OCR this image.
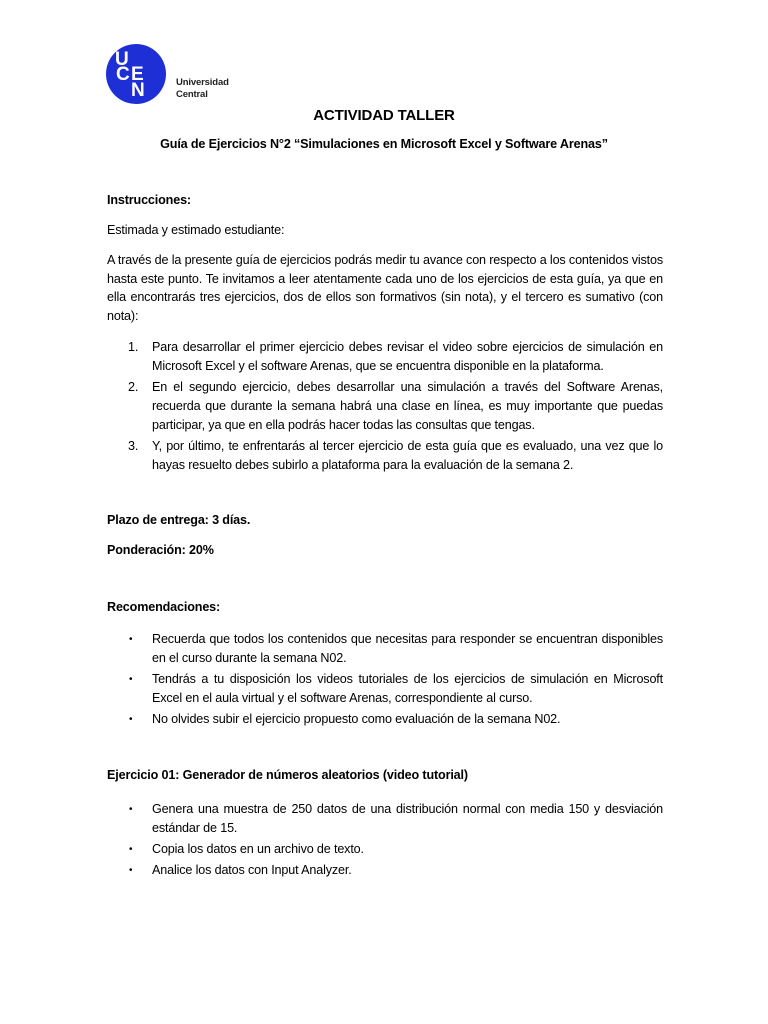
U
C E
N	Universidad
Central
ACTIVIDAD TALLER
Guía de Ejercicios N°2 “Simulaciones en Microsoft Excel y Software Arenas”
Instrucciones:
Estimada y estimado estudiante:
A través de la presente guía de ejercicios podrás medir tu avance con respecto a los contenidos vistos hasta este punto. Te invitamos a leer atentamente cada uno de los ejercicios de esta guía, ya que en ella encontrarás tres ejercicios, dos de ellos son formativos (sin nota), y el tercero es sumativo (con nota):
1. Para desarrollar el primer ejercicio debes revisar el video sobre ejercicios de simulación en Microsoft Excel y el software Arenas, que se encuentra disponible en la plataforma.
2. En el segundo ejercicio, debes desarrollar una simulación a través del Software Arenas, recuerda que durante la semana habrá una clase en línea, es muy importante que puedas participar, ya que en ella podrás hacer todas las consultas que tengas.
3. Y, por último, te enfrentarás al tercer ejercicio de esta guía que es evaluado, una vez que lo hayas resuelto debes subirlo a plataforma para la evaluación de la semana 2.
Plazo de entrega: 3 días.
Ponderación: 20%
Recomendaciones:
• Recuerda que todos los contenidos que necesitas para responder se encuentran disponibles en el curso durante la semana N02.
• Tendrás a tu disposición los videos tutoriales de los ejercicios de simulación en Microsoft Excel en el aula virtual y el software Arenas, correspondiente al curso.
• No olvides subir el ejercicio propuesto como evaluación de la semana N02.
Ejercicio 01: Generador de números aleatorios (video tutorial)
• Genera una muestra de 250 datos de una distribución normal con media 150 y desviación estándar de 15.
• Copia los datos en un archivo de texto.
• Analice los datos con Input Analyzer.
